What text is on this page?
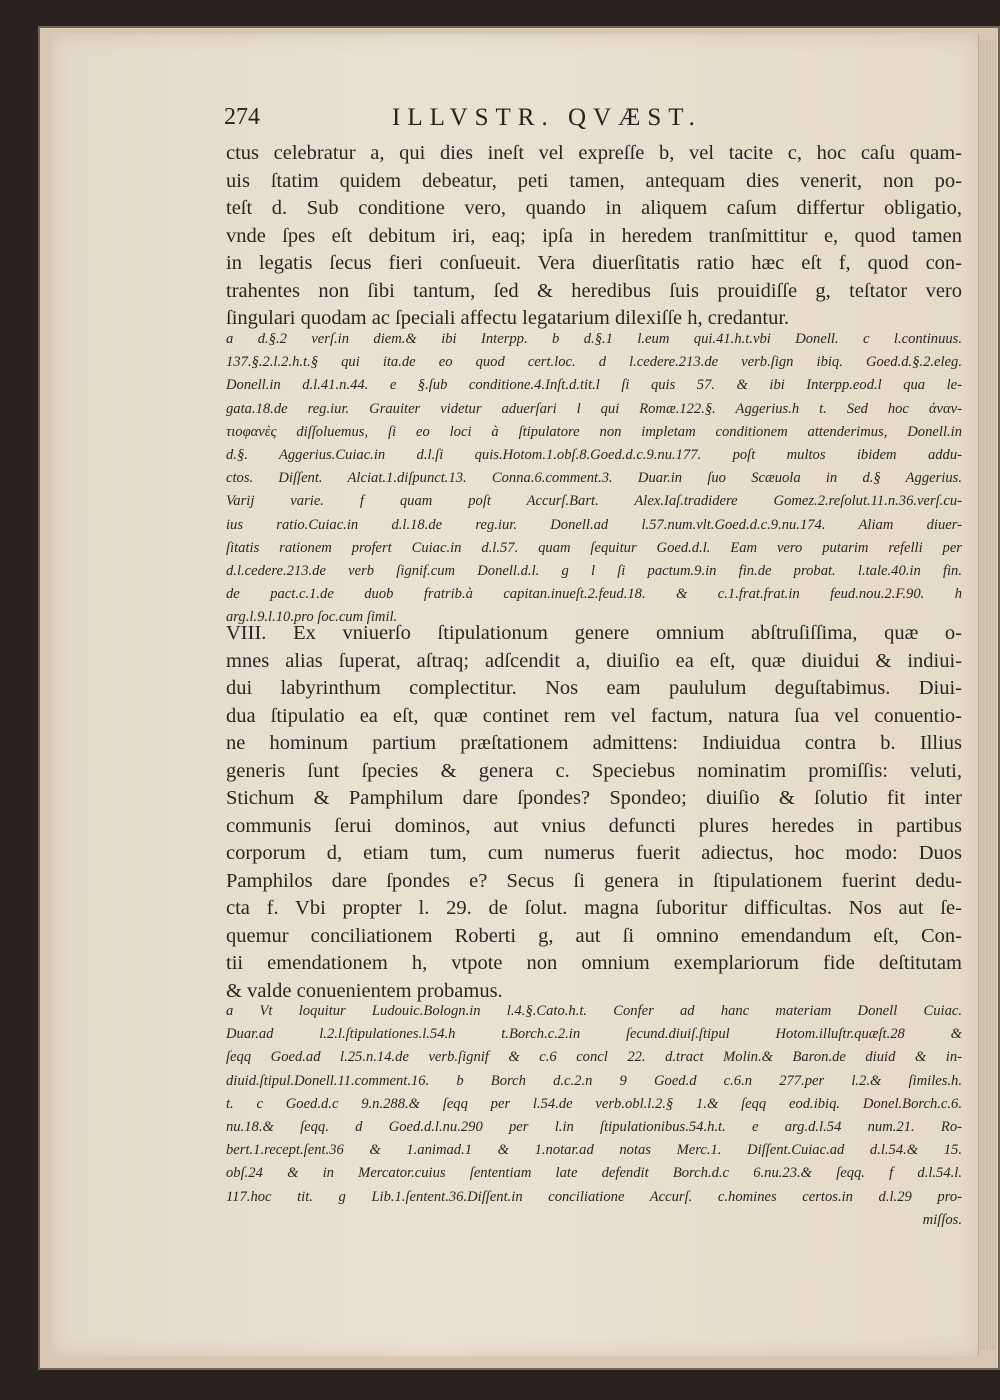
274	ILLVSTR. QVÆST.
ctus celebratur a, qui dies ineſt vel expreſſe b, vel tacite c, hoc caſu quam-
uis ſtatim quidem debeatur, peti tamen, antequam dies venerit, non po-
teſt d. Sub conditione vero, quando in aliquem caſum differtur obligatio,
vnde ſpes eſt debitum iri, eaq; ipſa in heredem tranſmittitur e, quod tamen
in legatis ſecus fieri conſueuit. Vera diuerſitatis ratio hæc eſt f, quod con-
trahentes non ſibi tantum, ſed & heredibus ſuis prouidiſſe g, teſtator vero
ſingulari quodam ac ſpeciali affectu legatarium dilexiſſe h, credantur.
a d.§.2 verſ.in diem.& ibi Interpp. b d.§.1 l.eum qui.41.h.t.vbi Donell. c l.continuus.
137.§.2.l.2.h.t.§ qui ita.de eo quod cert.loc. d l.cedere.213.de verb.ſign ibiq. Goed.d.§.2.eleg.
Donell.in d.l.41.n.44. e §.ſub conditione.4.Inſt.d.tit.l ſi quis 57. & ibi Interpp.eod.l qua le-
gata.18.de reg.iur. Grauiter videtur aduerſari l qui Romæ.122.§. Aggerius.h t. Sed hoc ἀναν-
τιοφανὲς diſſoluemus, ſi eo loci à ſtipulatore non impletam conditionem attenderimus, Donell.in
d.§. Aggerius.Cuiac.in d.l.ſi quis.Hotom.1.obſ.8.Goed.d.c.9.nu.177. poſt multos ibidem addu-
ctos. Diſſent. Alciat.1.diſpunct.13. Conna.6.comment.3. Duar.in ſuo Scæuola in d.§ Aggerius.
Varij varie. f quam poſt Accurſ.Bart. Alex.Iaſ.tradidere Gomez.2.reſolut.11.n.36.verſ.cu-
ius ratio.Cuiac.in d.l.18.de reg.iur. Donell.ad l.57.num.vlt.Goed.d.c.9.nu.174. Aliam diuer-
ſitatis rationem profert Cuiac.in d.l.57. quam ſequitur Goed.d.l. Eam vero putarim refelli per
d.l.cedere.213.de verb ſignif.cum Donell.d.l. g l ſi pactum.9.in fin.de probat. l.tale.40.in fin.
de pact.c.1.de duob fratrib.à capitan.inueſt.2.feud.18. & c.1.frat.frat.in feud.nou.2.F.90. h
arg.l.9.l.10.pro ſoc.cum ſimil.
VIII. Ex vniuerſo ſtipulationum genere omnium abſtruſiſſima, quæ o-
mnes alias ſuperat, aſtraq; adſcendit a, diuiſio ea eſt, quæ diuidui & indiui-
dui labyrinthum complectitur. Nos eam paululum deguſtabimus. Diui-
dua ſtipulatio ea eſt, quæ continet rem vel factum, natura ſua vel conuentio-
ne hominum partium præſtationem admittens: Indiuidua contra b. Illius
generis ſunt ſpecies & genera c. Speciebus nominatim promiſſis: veluti,
Stichum & Pamphilum dare ſpondes? Spondeo; diuiſio & ſolutio fit inter
communis ſerui dominos, aut vnius defuncti plures heredes in partibus
corporum d, etiam tum, cum numerus fuerit adiectus, hoc modo: Duos
Pamphilos dare ſpondes e? Secus ſi genera in ſtipulationem fuerint dedu-
cta f. Vbi propter l. 29. de ſolut. magna ſuboritur difficultas. Nos aut ſe-
quemur conciliationem Roberti g, aut ſi omnino emendandum eſt, Con-
tii emendationem h, vtpote non omnium exemplariorum fide deſtitutam
& valde conuenientem probamus.
a Vt loquitur Ludouic.Bologn.in l.4.§.Cato.h.t. Confer ad hanc materiam Donell Cuiac.
Duar.ad l.2.l.ſtipulationes.l.54.h t.Borch.c.2.in ſecund.diuiſ.ſtipul Hotom.illuſtr.quæſt.28 &
ſeqq Goed.ad l.25.n.14.de verb.ſignif & c.6 concl 22. d.tract Molin.& Baron.de diuid & in-
diuid.ſtipul.Donell.11.comment.16. b Borch d.c.2.n 9 Goed.d c.6.n 277.per l.2.& ſimiles.h.
t. c Goed.d.c 9.n.288.& ſeqq per l.54.de verb.obl.l.2.§ 1.& ſeqq eod.ibiq. Donel.Borch.c.6.
nu.18.& ſeqq. d Goed.d.l.nu.290 per l.in ſtipulationibus.54.h.t. e arg.d.l.54 num.21. Ro-
bert.1.recept.ſent.36 & 1.animad.1 & 1.notar.ad notas Merc.1. Diſſent.Cuiac.ad d.l.54.& 15.
obſ.24 & in Mercator.cuius ſententiam late defendit Borch.d.c 6.nu.23.& ſeqq. f d.l.54.l.
117.hoc tit. g Lib.1.ſentent.36.Diſſent.in conciliatione Accurſ. c.homines certos.in d.l.29 pro-
miſſos.
